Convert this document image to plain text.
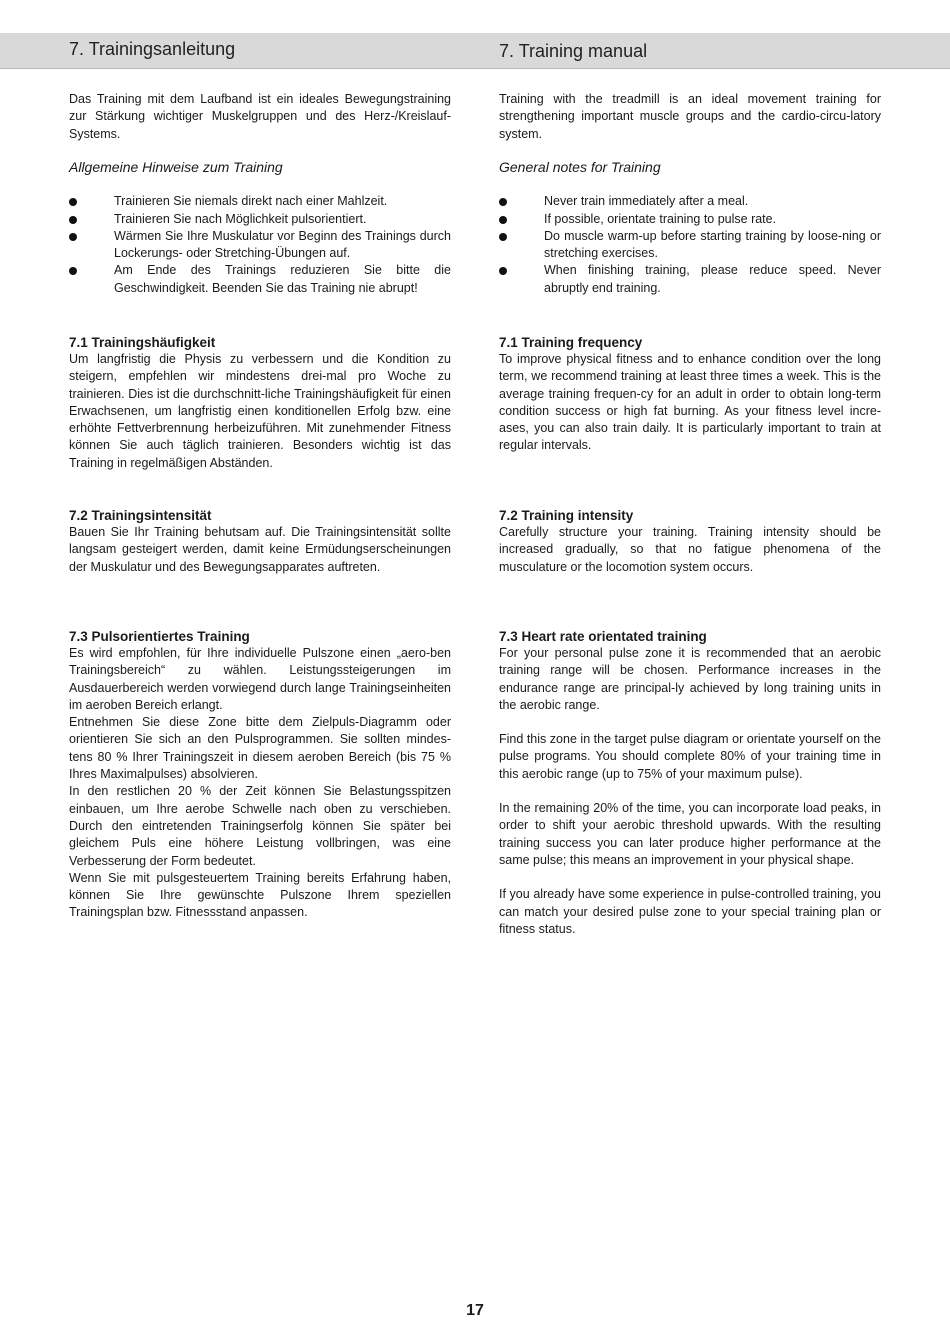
7. Trainingsanleitung	7. Training manual

Das Training mit dem Laufband ist ein ideales Bewegungstraining zur Stärkung wichtiger Muskelgruppen und des Herz-/Kreislauf-Systems.

Allgemeine Hinweise zum Training
Trainieren Sie niemals direkt nach einer Mahlzeit.
Trainieren Sie nach Möglichkeit pulsorientiert.
Wärmen Sie Ihre Muskulatur vor Beginn des Trainings durch Lockerungs- oder Stretching-Übungen auf.
Am Ende des Trainings reduzieren Sie bitte die Geschwindigkeit. Beenden Sie das Training nie abrupt!
7.1 Trainingshäufigkeit

Um langfristig die Physis zu verbessern und die Kondition zu steigern, empfehlen wir mindestens drei-mal pro Woche zu trainieren. Dies ist die durchschnitt-liche Trainingshäufigkeit für einen Erwachsenen, um langfristig einen konditionellen Erfolg bzw. eine erhöhte Fettverbrennung herbeizuführen. Mit zunehmender Fitness können Sie auch täglich trainieren. Besonders wichtig ist das Training in regelmäßigen Abständen.

7.2 Trainingsintensität

Bauen Sie Ihr Training behutsam auf. Die Trainingsintensität sollte langsam gesteigert werden, damit keine Ermüdungserscheinungen der Muskulatur und des Bewegungsapparates auftreten.

7.3 Pulsorientiertes Training

Es wird empfohlen, für Ihre individuelle Pulszone einen „aero-ben Trainingsbereich“ zu wählen. Leistungssteigerungen im Ausdauerbereich werden vorwiegend durch lange Trainingseinheiten im aeroben Bereich erlangt.

Entnehmen Sie diese Zone bitte dem Zielpuls-Diagramm oder orientieren Sie sich an den Pulsprogrammen. Sie sollten mindes-tens 80 % Ihrer Trainingszeit in diesem aeroben Bereich (bis 75 % Ihres Maximalpulses) absolvieren.

In den restlichen 20 % der Zeit können Sie Belastungsspitzen einbauen, um Ihre aerobe Schwelle nach oben zu verschieben. Durch den eintretenden Trainingserfolg können Sie später bei gleichem Puls eine höhere Leistung vollbringen, was eine Verbesserung der Form bedeutet.

Wenn Sie mit pulsgesteuertem Training bereits Erfahrung haben, können Sie Ihre gewünschte Pulszone Ihrem speziellen Trainingsplan bzw. Fitnessstand anpassen.

Training with the treadmill is an ideal movement training for strengthening important muscle groups and the cardio-circu-latory system.

General notes for Training
Never train immediately after a meal.
If possible, orientate training to pulse rate.
Do muscle warm-up before starting training by loose-ning or stretching exercises.
When finishing training, please reduce speed. Never abruptly end training.
7.1 Training frequency

To improve physical fitness and to enhance condition over the long term, we recommend training at least three times a week. This is the average training frequen-cy for an adult in order to obtain long-term condition success or high fat burning. As your fitness level incre-ases, you can also train daily. It is particularly important to train at regular intervals.

7.2 Training intensity

Carefully structure your training. Training intensity should be increased gradually, so that no fatigue phenomena of the musculature or the locomotion system occurs.

7.3 Heart rate orientated training

For your personal pulse zone it is recommended that an aerobic training range will be chosen. Performance increases in the endurance range are principal-ly achieved by long training units in the aerobic range.

Find this zone in the target pulse diagram or orientate yourself on the pulse programs. You should complete 80% of your training time in this aerobic range (up to 75% of your maximum pulse).

In the remaining 20% of the time, you can incorporate load peaks, in order to shift your aerobic threshold upwards. With the resulting training success you can later produce higher performance at the same pulse; this means an improvement in your physical shape.

If you already have some experience in pulse-controlled training, you can match your desired pulse zone to your special training plan or fitness status.

17
